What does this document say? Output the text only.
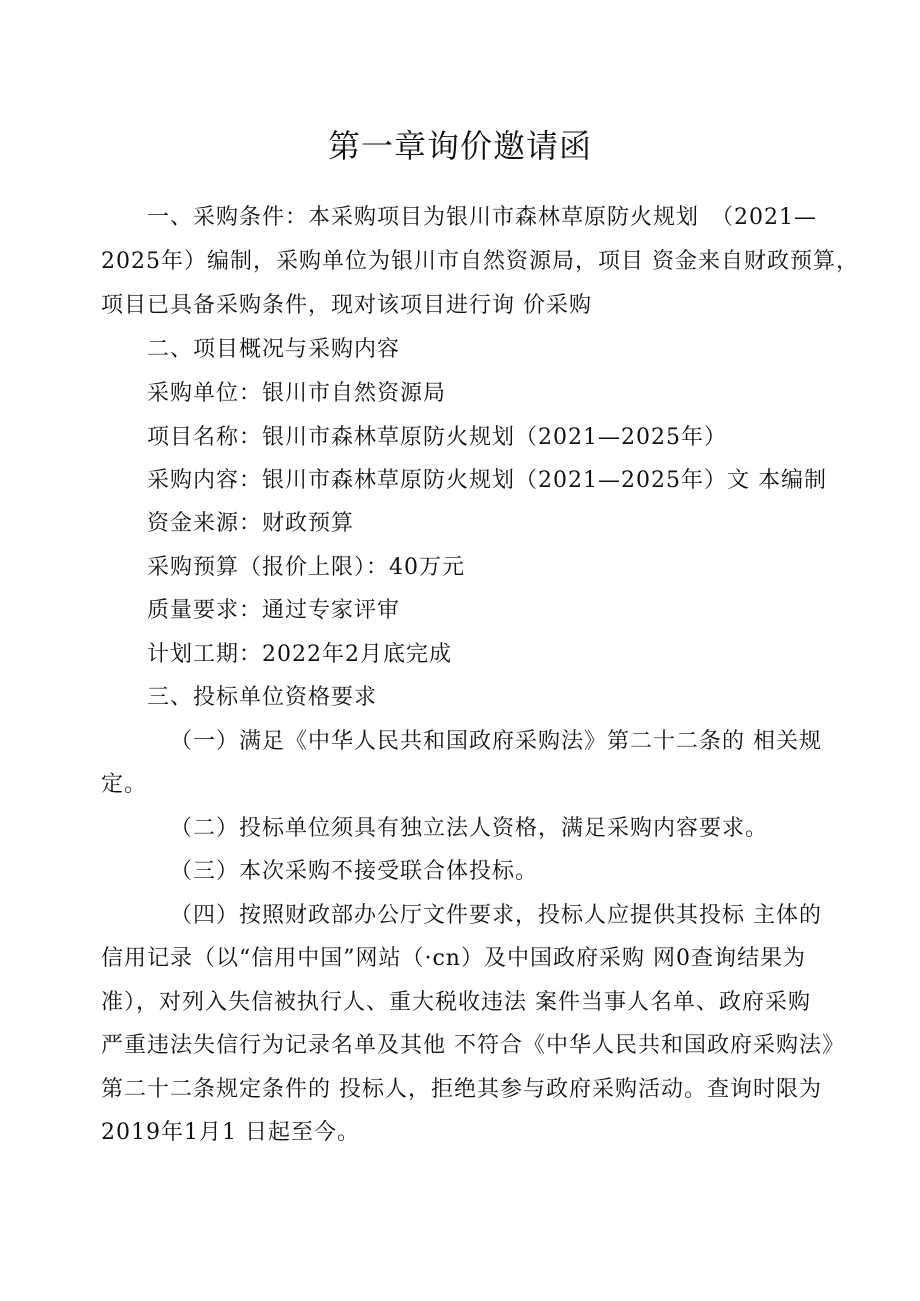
第一章询价邀请函
一、采购条件：本采购项目为银川市森林草原防火规划　（2021—
2025年）编制，采购单位为银川市自然资源局，项目 资金来自财政预算，
项目已具备采购条件，现对该项目进行询 价采购
二、项目概况与采购内容
采购单位：银川市自然资源局
项目名称：银川市森林草原防火规划（2021—2025年）
采购内容：银川市森林草原防火规划（2021—2025年）文 本编制
资金来源：财政预算
采购预算（报价上限）：40万元
质量要求：通过专家评审
计划工期：2022年2月底完成
三、投标单位资格要求
（一）满足《中华人民共和国政府采购法》第二十二条的 相关规
定。
（二）投标单位须具有独立法人资格，满足采购内容要求。
（三）本次采购不接受联合体投标。
（四）按照财政部办公厅文件要求，投标人应提供其投标 主体的
信用记录（以“信用中国”网站（·cn）及中国政府采购 网0查询结果为
准），对列入失信被执行人、重大税收违法 案件当事人名单、政府采购
严重违法失信行为记录名单及其他 不符合《中华人民共和国政府采购法》
第二十二条规定条件的 投标人，拒绝其参与政府采购活动。查询时限为
2019年1月1 日起至今。
